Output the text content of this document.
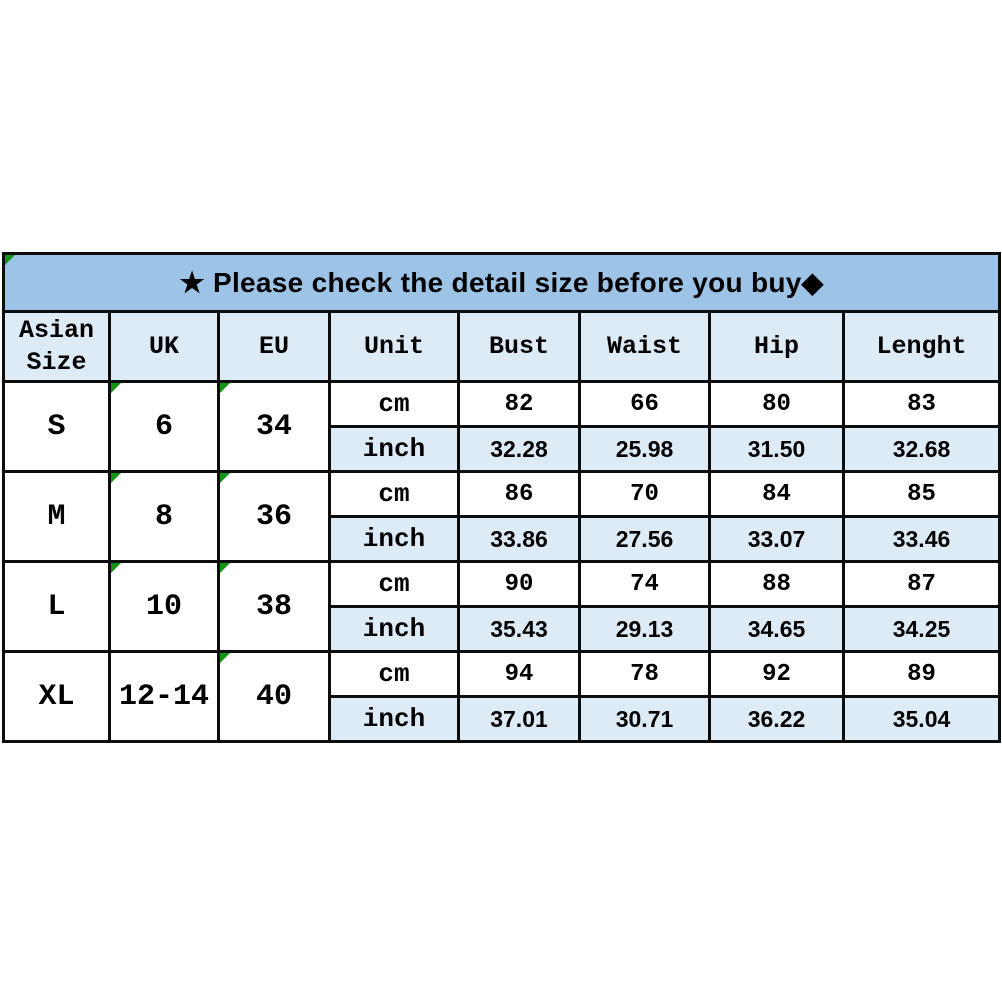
★ Please check the detail size before you buy◆							
Asian Size	UK	EU	Unit	Bust	Waist	Hip	Lenght
S	6	34	cm	82	66	80	83
			inch	32.28	25.98	31.50	32.68
M	8	36	cm	86	70	84	85
			inch	33.86	27.56	33.07	33.46
L	10	38	cm	90	74	88	87
			inch	35.43	29.13	34.65	34.25
XL	12-14	40	cm	94	78	92	89
			inch	37.01	30.71	36.22	35.04
